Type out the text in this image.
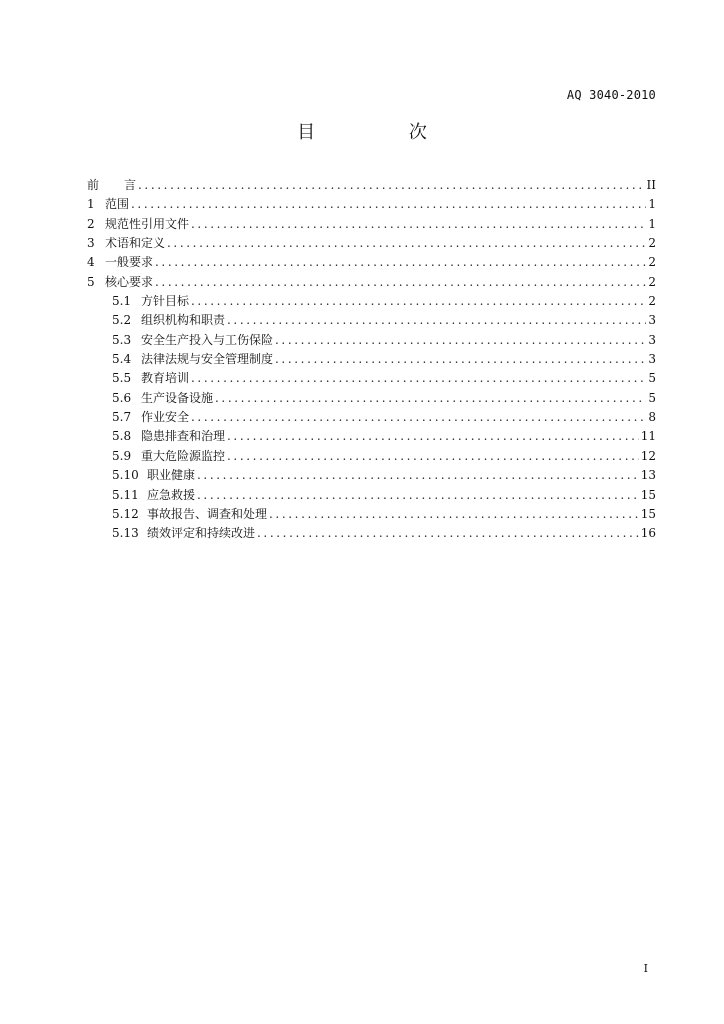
AQ 3040-2010
目 次
前 言 .....	II
1 范围 .....	1
2 规范性引用文件 .....	1
3 术语和定义 .....	2
4 一般要求 .....	2
5 核心要求 .....	2
5.1 方针目标 .....	2
5.2 组织机构和职责 .....	3
5.3 安全生产投入与工伤保险 .....	3
5.4 法律法规与安全管理制度 .....	3
5.5 教育培训 .....	5
5.6 生产设备设施 .....	5
5.7 作业安全 .....	8
5.8 隐患排查和治理 .....	11
5.9 重大危险源监控 .....	12
5.10 职业健康 .....	13
5.11 应急救援 .....	15
5.12 事故报告、调查和处理 .....	15
5.13 绩效评定和持续改进 .....	16
I
